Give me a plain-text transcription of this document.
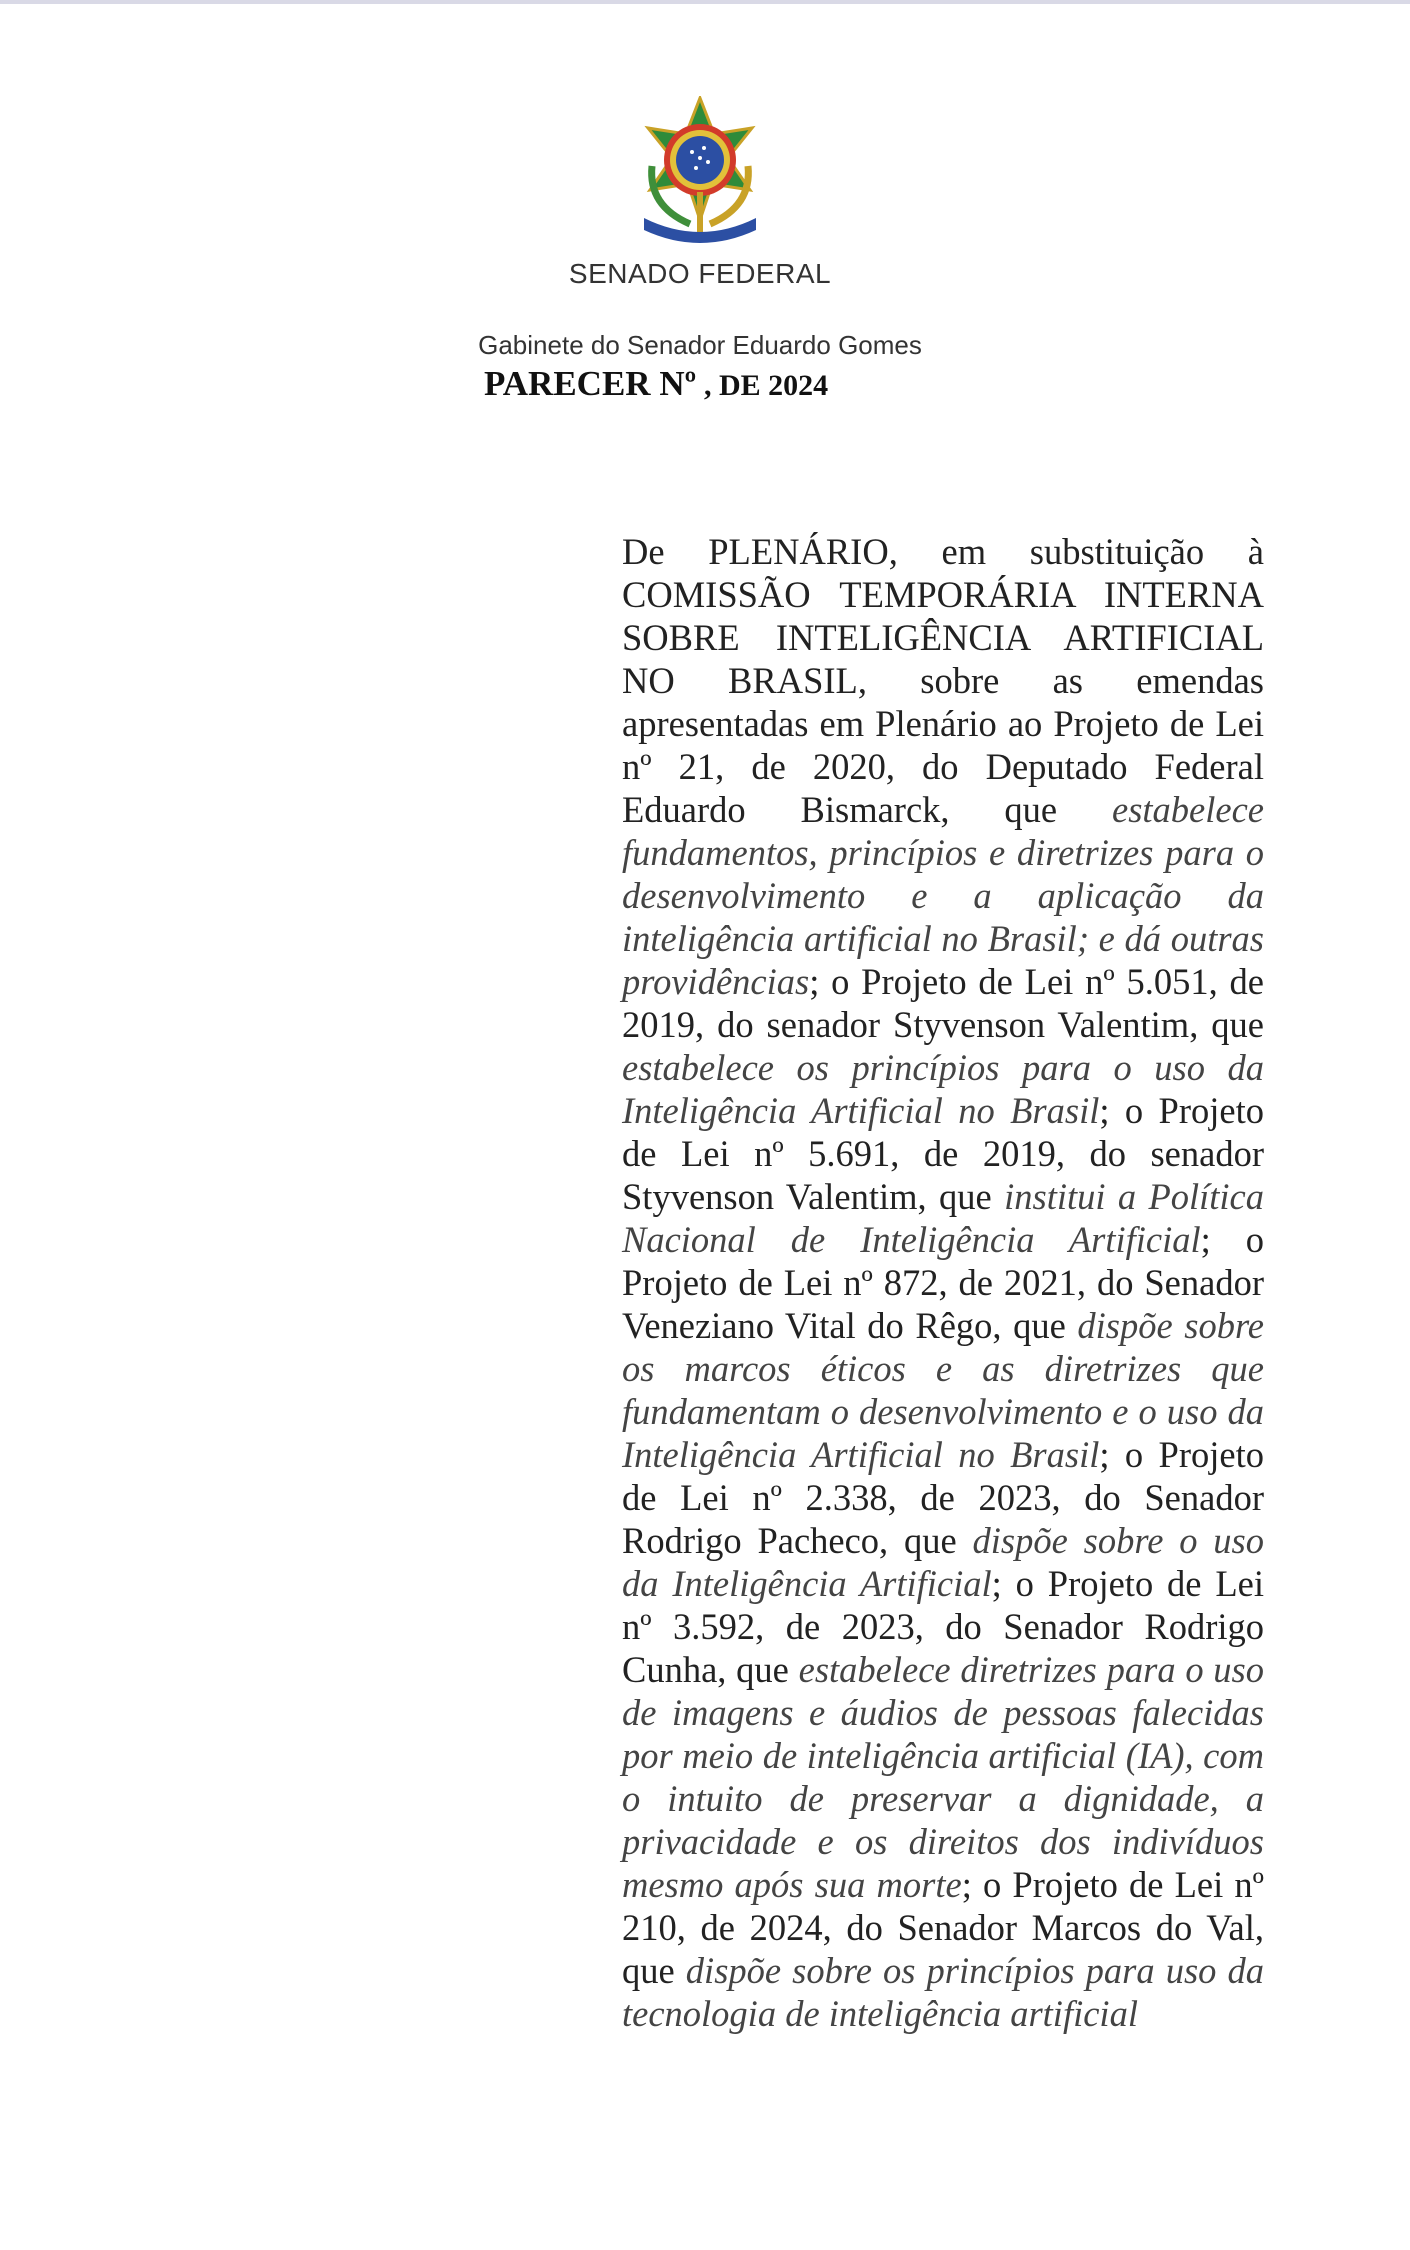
SENADO FEDERAL
Gabinete do Senador Eduardo Gomes
PARECER Nº , DE 2024
De PLENÁRIO, em substituição à COMISSÃO TEMPORÁRIA INTERNA SOBRE INTELIGÊNCIA ARTIFICIAL NO BRASIL, sobre as emendas apresentadas em Plenário ao Projeto de Lei nº 21, de 2020, do Deputado Federal Eduardo Bismarck, que estabelece fundamentos, princípios e diretrizes para o desenvolvimento e a aplicação da inteligência artificial no Brasil; e dá outras providências; o Projeto de Lei nº 5.051, de 2019, do senador Styvenson Valentim, que estabelece os princípios para o uso da Inteligência Artificial no Brasil; o Projeto de Lei nº 5.691, de 2019, do senador Styvenson Valentim, que institui a Política Nacional de Inteligência Artificial; o Projeto de Lei nº 872, de 2021, do Senador Veneziano Vital do Rêgo, que dispõe sobre os marcos éticos e as diretrizes que fundamentam o desenvolvimento e o uso da Inteligência Artificial no Brasil; o Projeto de Lei nº 2.338, de 2023, do Senador Rodrigo Pacheco, que dispõe sobre o uso da Inteligência Artificial; o Projeto de Lei nº 3.592, de 2023, do Senador Rodrigo Cunha, que estabelece diretrizes para o uso de imagens e áudios de pessoas falecidas por meio de inteligência artificial (IA), com o intuito de preservar a dignidade, a privacidade e os direitos dos indivíduos mesmo após sua morte; o Projeto de Lei nº 210, de 2024, do Senador Marcos do Val, que dispõe sobre os princípios para uso da tecnologia de inteligência artificial
